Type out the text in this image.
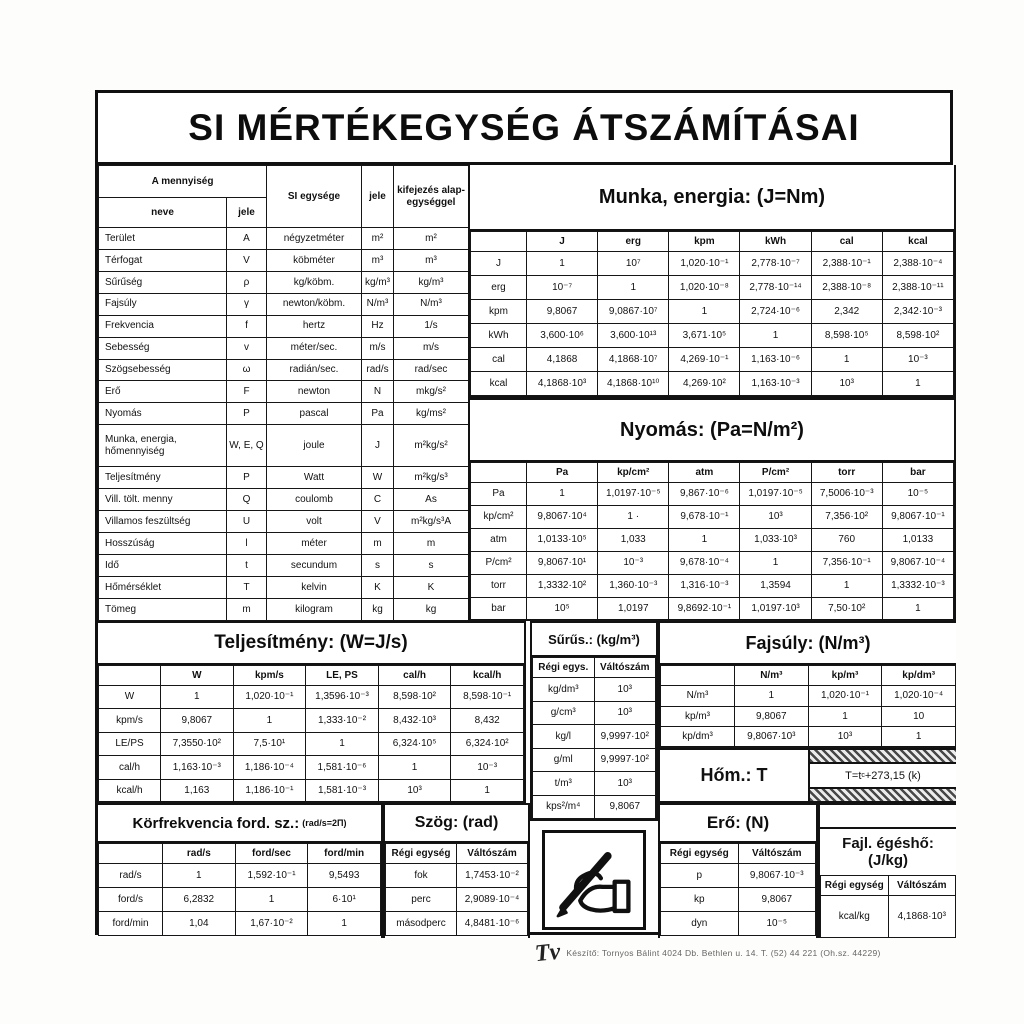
SI MÉRTÉKEGYSÉG ÁTSZÁMÍTÁSAI
A mennyiség		SI egysége	jele	kifejezés alap- egységgel
neve	jele			
Terület	A	négyzetméter	m²	m²
Térfogat	V	köbméter	m³	m³
Sűrűség	ρ	kg/köbm.	kg/m³	kg/m³
Fajsúly	γ	newton/köbm.	N/m³	N/m³
Frekvencia	f	hertz	Hz	1/s
Sebesség	v	méter/sec.	m/s	m/s
Szögsebesség	ω	radián/sec.	rad/s	rad/sec
Erő	F	newton	N	mkg/s²
Nyomás	P	pascal	Pa	kg/ms²
Munka, energia, hőmennyiség	W, E, Q	joule	J	m²kg/s²
Teljesítmény	P	Watt	W	m²kg/s³
Vill. tölt. menny	Q	coulomb	C	As
Villamos feszültség	U	volt	V	m²kg/s³A
Hosszúság	l	méter	m	m
Idő	t	secundum	s	s
Hőmérséklet	T	kelvin	K	K
Tömeg	m	kilogram	kg	kg
Munka, energia: (J=Nm)
	J	erg	kpm	kWh	cal	kcal
J	1	10⁷	1,020·10⁻¹	2,778·10⁻⁷	2,388·10⁻¹	2,388·10⁻⁴
erg	10⁻⁷	1	1,020·10⁻⁸	2,778·10⁻¹⁴	2,388·10⁻⁸	2,388·10⁻¹¹
kpm	9,8067	9,0867·10⁷	1	2,724·10⁻⁶	2,342	2,342·10⁻³
kWh	3,600·10⁶	3,600·10¹³	3,671·10⁵	1	8,598·10⁵	8,598·10²
cal	4,1868	4,1868·10⁷	4,269·10⁻¹	1,163·10⁻⁶	1	10⁻³
kcal	4,1868·10³	4,1868·10¹⁰	4,269·10²	1,163·10⁻³	10³	1
Nyomás: (Pa=N/m²)
	Pa	kp/cm²	atm	P/cm²	torr	bar
Pa	1	1,0197·10⁻⁵	9,867·10⁻⁶	1,0197·10⁻⁵	7,5006·10⁻³	10⁻⁵
kp/cm²	9,8067·10⁴	1 ·	9,678·10⁻¹	10³	7,356·10²	9,8067·10⁻¹
atm	1,0133·10⁵	1,033	1	1,033·10³	760	1,0133
P/cm²	9,8067·10¹	10⁻³	9,678·10⁻⁴	1	7,356·10⁻¹	9,8067·10⁻⁴
torr	1,3332·10²	1,360·10⁻³	1,316·10⁻³	1,3594	1	1,3332·10⁻³
bar	10⁵	1,0197	9,8692·10⁻¹	1,0197·10³	7,50·10²	1
Teljesítmény: (W=J/s)
	W	kpm/s	LE, PS	cal/h	kcal/h
W	1	1,020·10⁻¹	1,3596·10⁻³	8,598·10²	8,598·10⁻¹
kpm/s	9,8067	1	1,333·10⁻²	8,432·10³	8,432
LE/PS	7,3550·10²	7,5·10¹	1	6,324·10⁵	6,324·10²
cal/h	1,163·10⁻³	1,186·10⁻⁴	1,581·10⁻⁶	1	10⁻³
kcal/h	1,163	1,186·10⁻¹	1,581·10⁻³	10³	1
Körfrekvencia ford. sz.: (rad/s=2Π)
	rad/s	ford/sec	ford/min
rad/s	1	1,592·10⁻¹	9,5493
ford/s	6,2832	1	6·10¹
ford/min	1,04	1,67·10⁻²	1
Szög: (rad)
Régi egység	Váltószám
fok	1,7453·10⁻²
perc	2,9089·10⁻⁴
másodperc	4,8481·10⁻⁶
Sűrűs.: (kg/m³)
Régi egys.	Váltószám
kg/dm³	10³
g/cm³	10³
kg/l	9,9997·10²
g/ml	9,9997·10²
t/m³	10³
kps²/m⁴	9,8067
Fajsúly: (N/m³)
	N/m³	kp/m³	kp/dm³
N/m³	1	1,020·10⁻¹	1,020·10⁻⁴
kp/m³	9,8067	1	10
kp/dm³	9,8067·10³	10³	1
Hőm.: T	T=t c +273,15 (k)
Erő: (N)
Régi egység	Váltószám
p	9,8067·10⁻³
kp	9,8067
dyn	10⁻⁵
Fajl. égéshő:
(J/kg)
Régi egység	Váltószám
kcal/kg	4,1868·10³
Tv Készítő: Tornyos Bálint 4024 Db. Bethlen u. 14. T. (52) 44 221 (Oh.sz. 44229)
